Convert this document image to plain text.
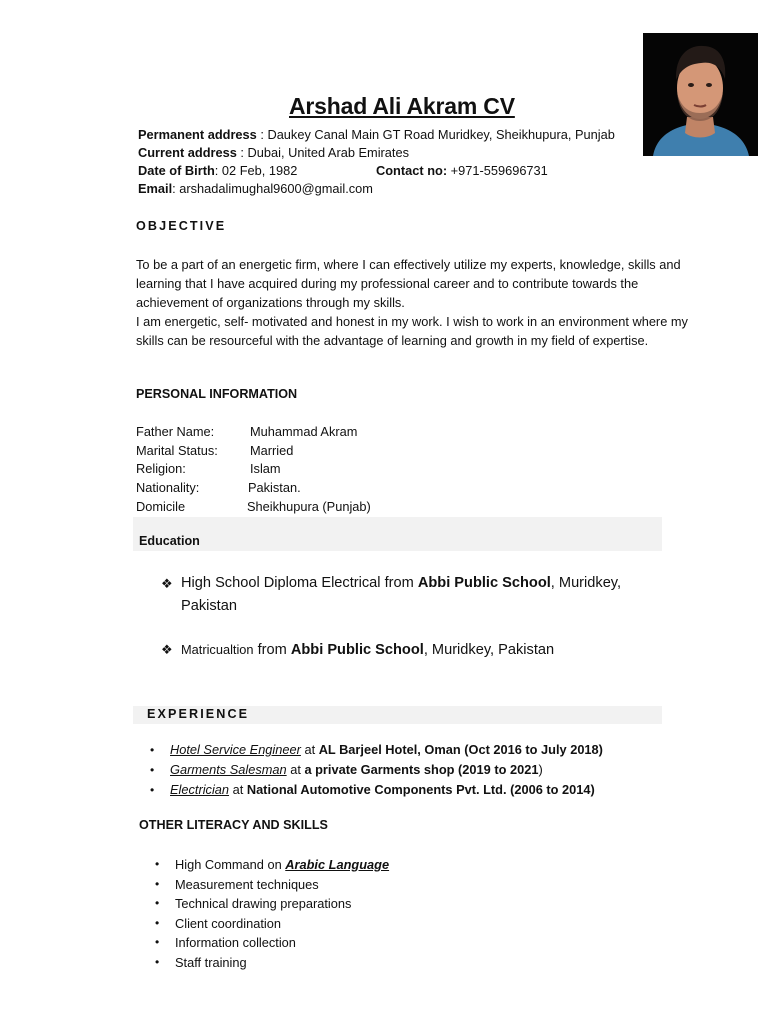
Arshad Ali Akram CV
Permanent address : Daukey Canal Main GT Road Muridkey, Sheikhupura, Punjab
Current address : Dubai, United Arab Emirates
Date of Birth: 02 Feb, 1982	Contact no: +971-559696731
Email: arshadalimughal9600@gmail.com
OBJECTIVE

To be a part of an energetic firm, where I can effectively utilize my experts, knowledge, skills and learning that I have acquired during my professional career and to contribute towards the achievement of organizations through my skills.

I am energetic, self- motivated and honest in my work. I wish to work in an environment where my skills can be resourceful with the advantage of learning and growth in my field of expertise.

PERSONAL INFORMATION
Father Name:	Muhammad Akram
Marital Status:	Married
Religion:	Islam
Nationality:	Pakistan.
Domicile	Sheikhupura (Punjab)
Education
❖ High School Diploma Electrical from Abbi Public School, Muridkey, Pakistan
❖ Matricualtion from Abbi Public School, Muridkey, Pakistan
EXPERIENCE
• Hotel Service Engineer at AL Barjeel Hotel, Oman (Oct 2016 to July 2018)
• Garments Salesman at a private Garments shop (2019 to 2021)
• Electrician at National Automotive Components Pvt. Ltd. (2006 to 2014)
OTHER LITERACY AND SKILLS
• High Command on Arabic Language
• Measurement techniques
• Technical drawing preparations
• Client coordination
• Information collection
• Staff training
